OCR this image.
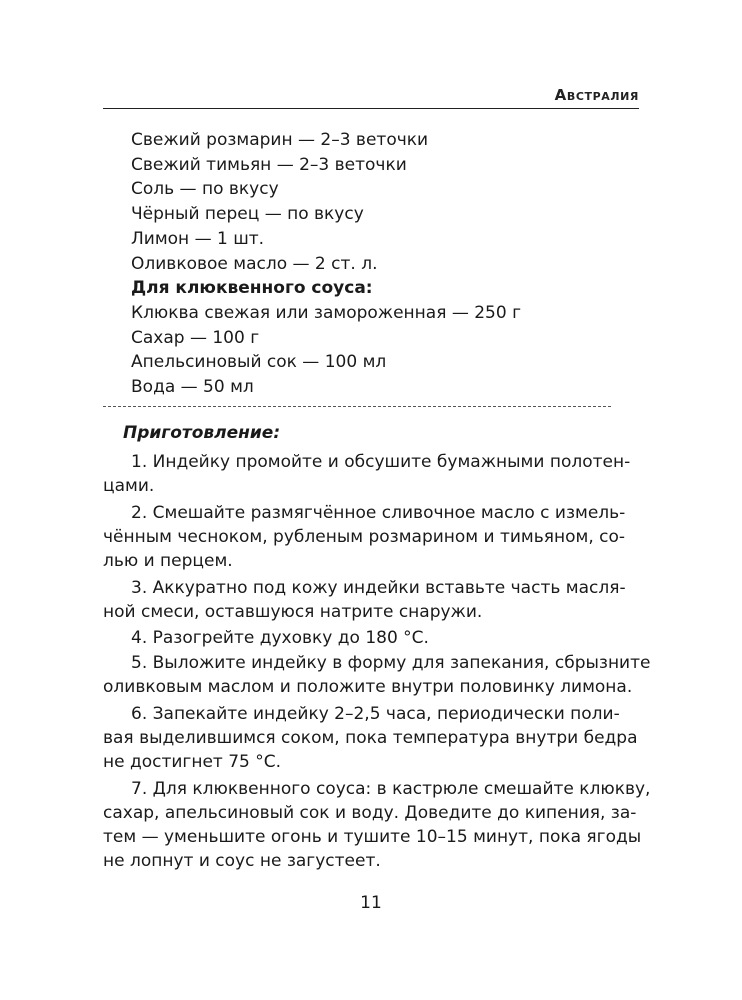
Австралия
Свежий розмарин — 2–3 веточки
Свежий тимьян — 2–3 веточки
Соль — по вкусу
Чёрный перец — по вкусу
Лимон — 1 шт.
Оливковое масло — 2 ст. л.
Для клюквенного соуса:
Клюква свежая или замороженная — 250 г
Сахар — 100 г
Апельсиновый сок — 100 мл
Вода — 50 мл
Приготовление:
1. Индейку промойте и обсушите бумажными полотен-
цами.
2. Смешайте размягчённое сливочное масло с измель-
чённым чесноком, рубленым розмарином и тимьяном, со-
лью и перцем.
3. Аккуратно под кожу индейки вставьте часть масля-
ной смеси, оставшуюся натрите снаружи.
4. Разогрейте духовку до 180 °C.
5. Выложите индейку в форму для запекания, сбрызните
оливковым маслом и положите внутри половинку лимона.
6. Запекайте индейку 2–2,5 часа, периодически поли-
вая выделившимся соком, пока температура внутри бедра
не достигнет 75 °C.
7. Для клюквенного соуса: в кастрюле смешайте клюкву,
сахар, апельсиновый сок и воду. Доведите до кипения, за-
тем — уменьшите огонь и тушите 10–15 минут, пока ягоды
не лопнут и соус не загустеет.
11
